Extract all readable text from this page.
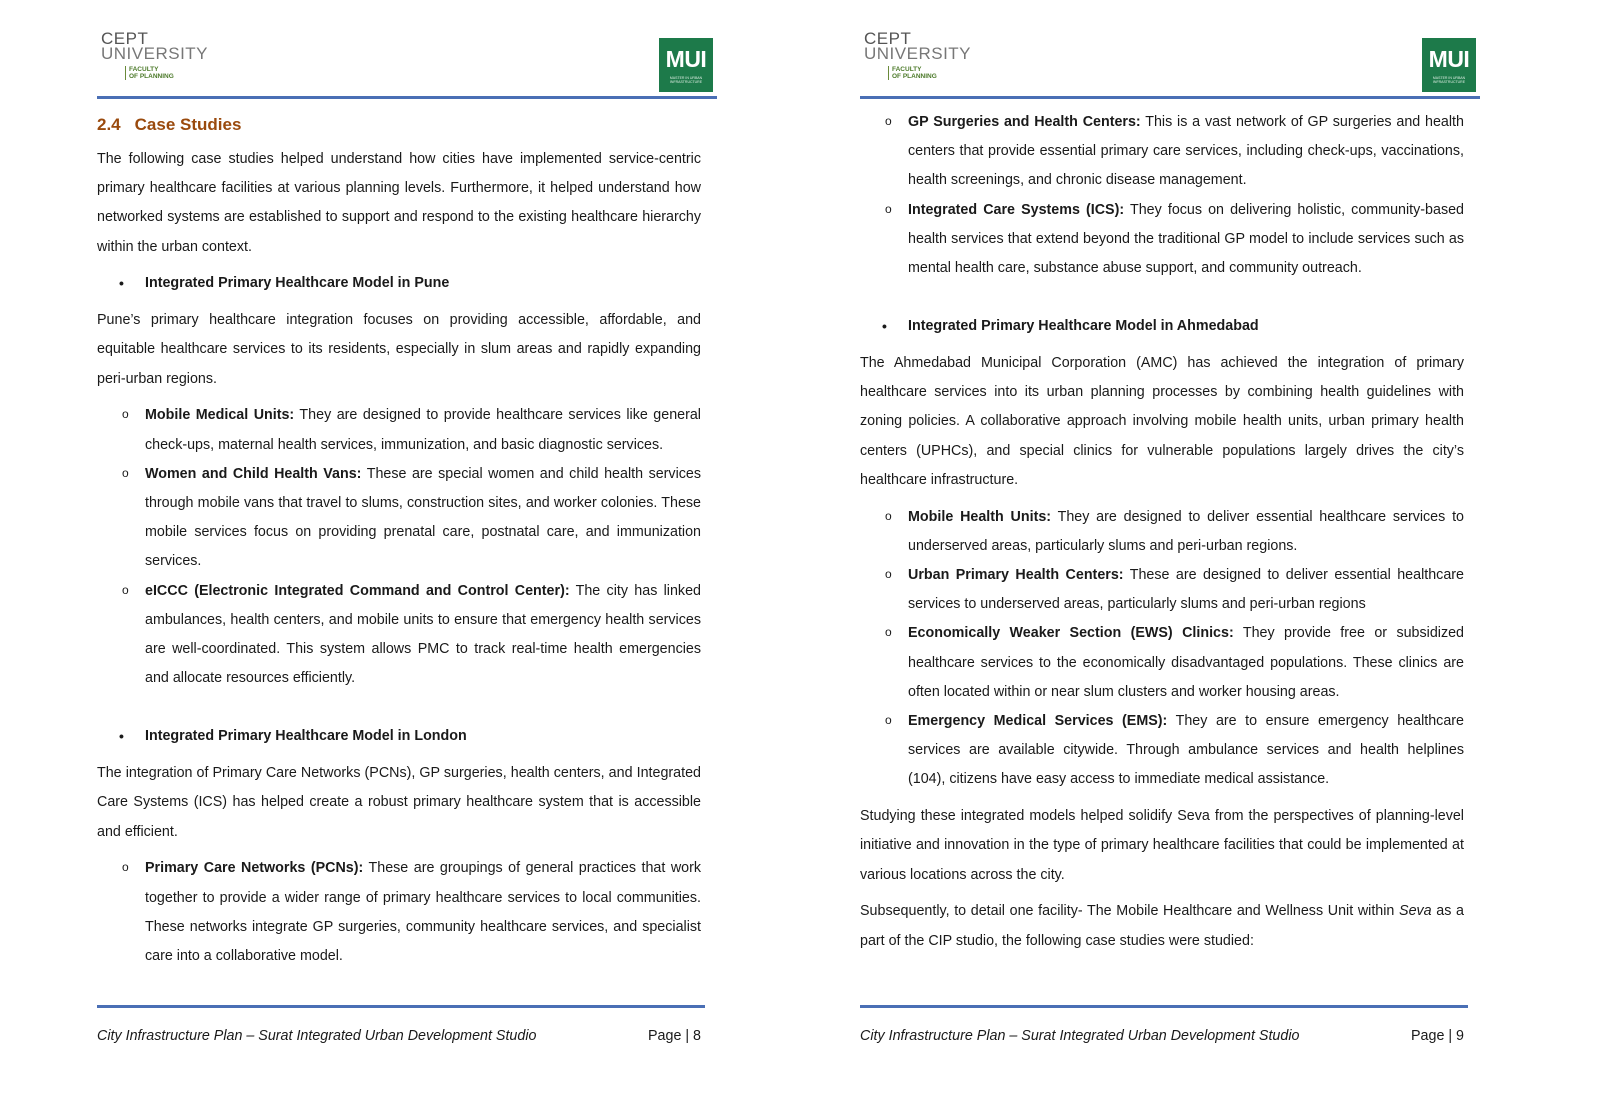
CEPT
UNIVERSITY
FACULTY
OF PLANNING
MUI
MASTER IN URBAN INFRASTRUCTURE
2.4 Case Studies

The following case studies helped understand how cities have implemented service-centric primary healthcare facilities at various planning levels. Furthermore, it helped understand how networked systems are established to support and respond to the existing healthcare hierarchy within the urban context.

• Integrated Primary Healthcare Model in Pune

Pune’s primary healthcare integration focuses on providing accessible, affordable, and equitable healthcare services to its residents, especially in slum areas and rapidly expanding peri-urban regions.

o Mobile Medical Units: They are designed to provide healthcare services like general check-ups, maternal health services, immunization, and basic diagnostic services.
o Women and Child Health Vans: These are special women and child health services through mobile vans that travel to slums, construction sites, and worker colonies. These mobile services focus on providing prenatal care, postnatal care, and immunization services.
o eICCC (Electronic Integrated Command and Control Center): The city has linked ambulances, health centers, and mobile units to ensure that emergency health services are well-coordinated. This system allows PMC to track real-time health emergencies and allocate resources efficiently.
• Integrated Primary Healthcare Model in London

The integration of Primary Care Networks (PCNs), GP surgeries, health centers, and Integrated Care Systems (ICS) has helped create a robust primary healthcare system that is accessible and efficient.

o Primary Care Networks (PCNs): These are groupings of general practices that work together to provide a wider range of primary healthcare services to local communities. These networks integrate GP surgeries, community healthcare services, and specialist care into a collaborative model.
City Infrastructure Plan – Surat Integrated Urban Development Studio	Page | 8
CEPT
UNIVERSITY
FACULTY
OF PLANNING
MUI
MASTER IN URBAN INFRASTRUCTURE
o GP Surgeries and Health Centers: This is a vast network of GP surgeries and health centers that provide essential primary care services, including check-ups, vaccinations, health screenings, and chronic disease management.
o Integrated Care Systems (ICS): They focus on delivering holistic, community-based health services that extend beyond the traditional GP model to include services such as mental health care, substance abuse support, and community outreach.
• Integrated Primary Healthcare Model in Ahmedabad

The Ahmedabad Municipal Corporation (AMC) has achieved the integration of primary healthcare services into its urban planning processes by combining health guidelines with zoning policies. A collaborative approach involving mobile health units, urban primary health centers (UPHCs), and special clinics for vulnerable populations largely drives the city’s healthcare infrastructure.

o Mobile Health Units: They are designed to deliver essential healthcare services to underserved areas, particularly slums and peri-urban regions.
o Urban Primary Health Centers: These are designed to deliver essential healthcare services to underserved areas, particularly slums and peri-urban regions
o Economically Weaker Section (EWS) Clinics: They provide free or subsidized healthcare services to the economically disadvantaged populations. These clinics are often located within or near slum clusters and worker housing areas.
o Emergency Medical Services (EMS): They are to ensure emergency healthcare services are available citywide. Through ambulance services and health helplines (104), citizens have easy access to immediate medical assistance.

Studying these integrated models helped solidify Seva from the perspectives of planning-level initiative and innovation in the type of primary healthcare facilities that could be implemented at various locations across the city.

Subsequently, to detail one facility- The Mobile Healthcare and Wellness Unit within Seva as a part of the CIP studio, the following case studies were studied:

City Infrastructure Plan – Surat Integrated Urban Development Studio	Page | 9
